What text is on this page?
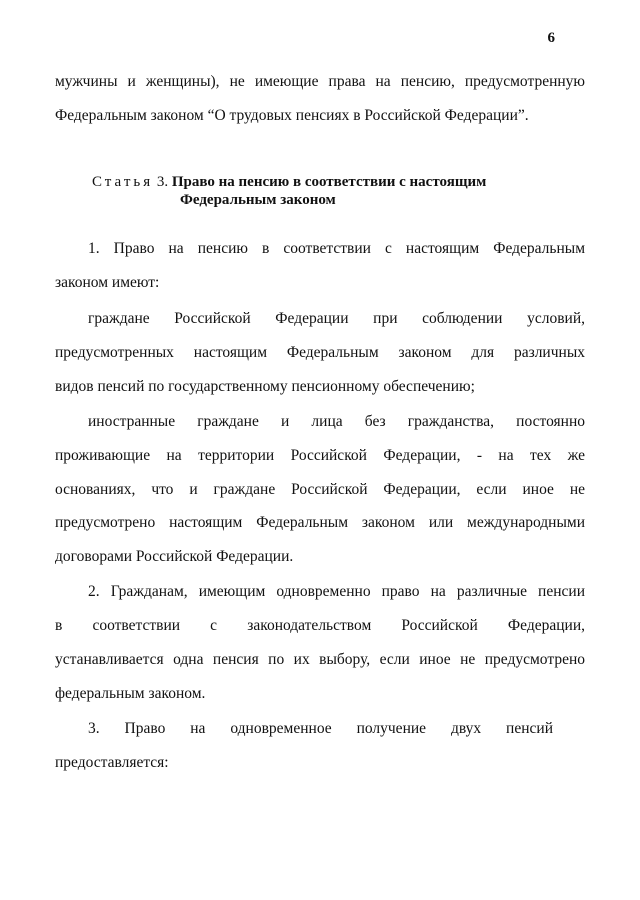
6
мужчины и женщины), не имеющие права на пенсию, предусмотренную
Федеральным законом “О трудовых пенсиях в Российской Федерации”.
Статья 3. Право на пенсию в соответствии с настоящим
Федеральным законом
1. Право на пенсию в соответствии с настоящим Федеральным
законом имеют:
граждане Российской Федерации при соблюдении условий,
предусмотренных настоящим Федеральным законом для различных
видов пенсий по государственному пенсионному обеспечению;
иностранные граждане и лица без гражданства, постоянно
проживающие на территории Российской Федерации, - на тех же
основаниях, что и граждане Российской Федерации, если иное не
предусмотрено настоящим Федеральным законом или международными
договорами Российской Федерации.
2. Гражданам, имеющим одновременно право на различные пенсии
в соответствии с законодательством Российской Федерации,
устанавливается одна пенсия по их выбору, если иное не предусмотрено
федеральным законом.
3. Право на одновременное получение двух пенсий
предоставляется:
